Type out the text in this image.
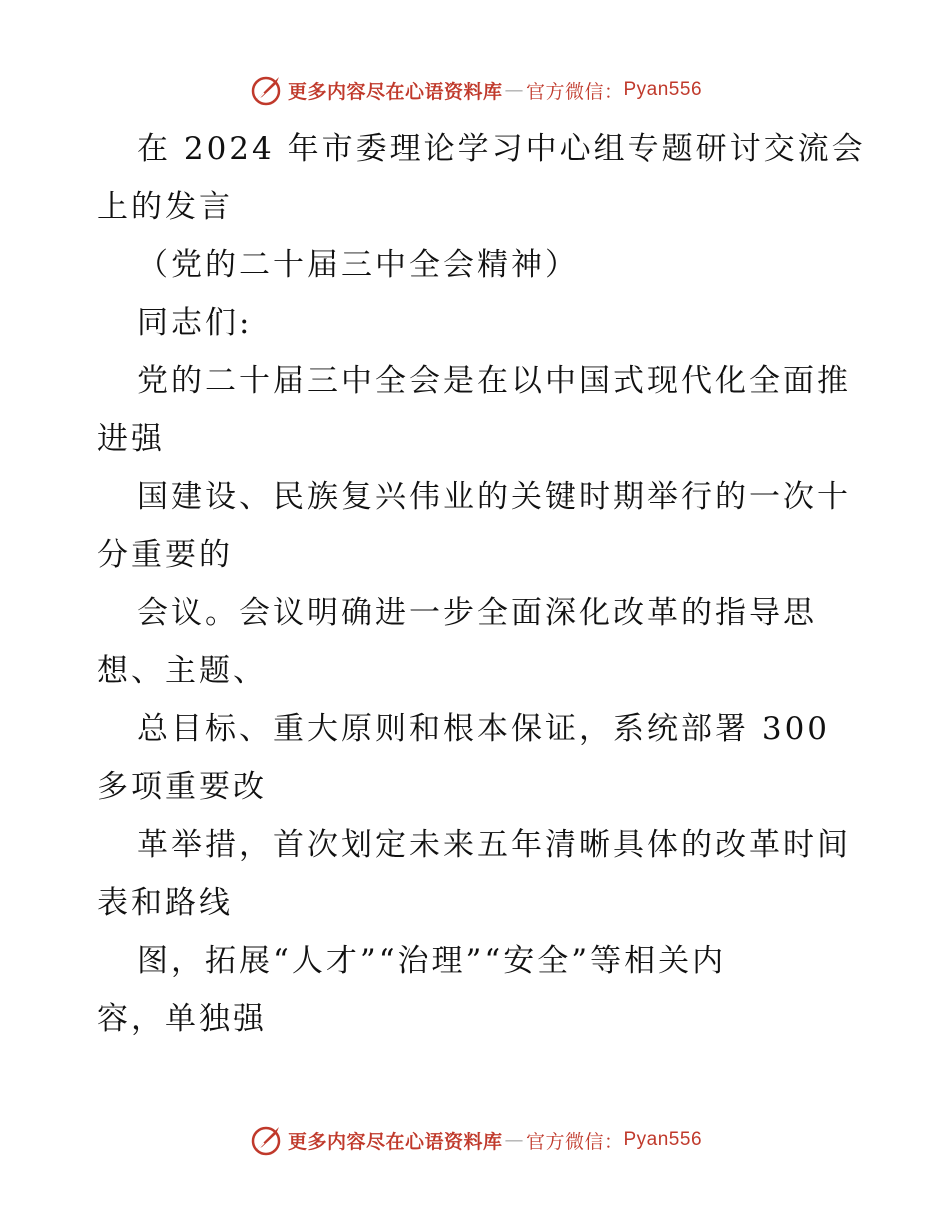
更多内容尽在心语资料库 — 官方微信： Pyan556
在 2024 年市委理论学习中心组专题研讨交流会
上的发言
（党的二十届三中全会精神）
同志们:
党的二十届三中全会是在以中国式现代化全面推
进强
国建设、民族复兴伟业的关键时期举行的一次十
分重要的
会议。会议明确进一步全面深化改革的指导思
想、主题、
总目标、重大原则和根本保证，系统部署 300
多项重要改
革举措，首次划定未来五年清晰具体的改革时间
表和路线
图，拓展“人才”“治理”“安全”等相关内
容，单独强
更多内容尽在心语资料库 — 官方微信： Pyan556
